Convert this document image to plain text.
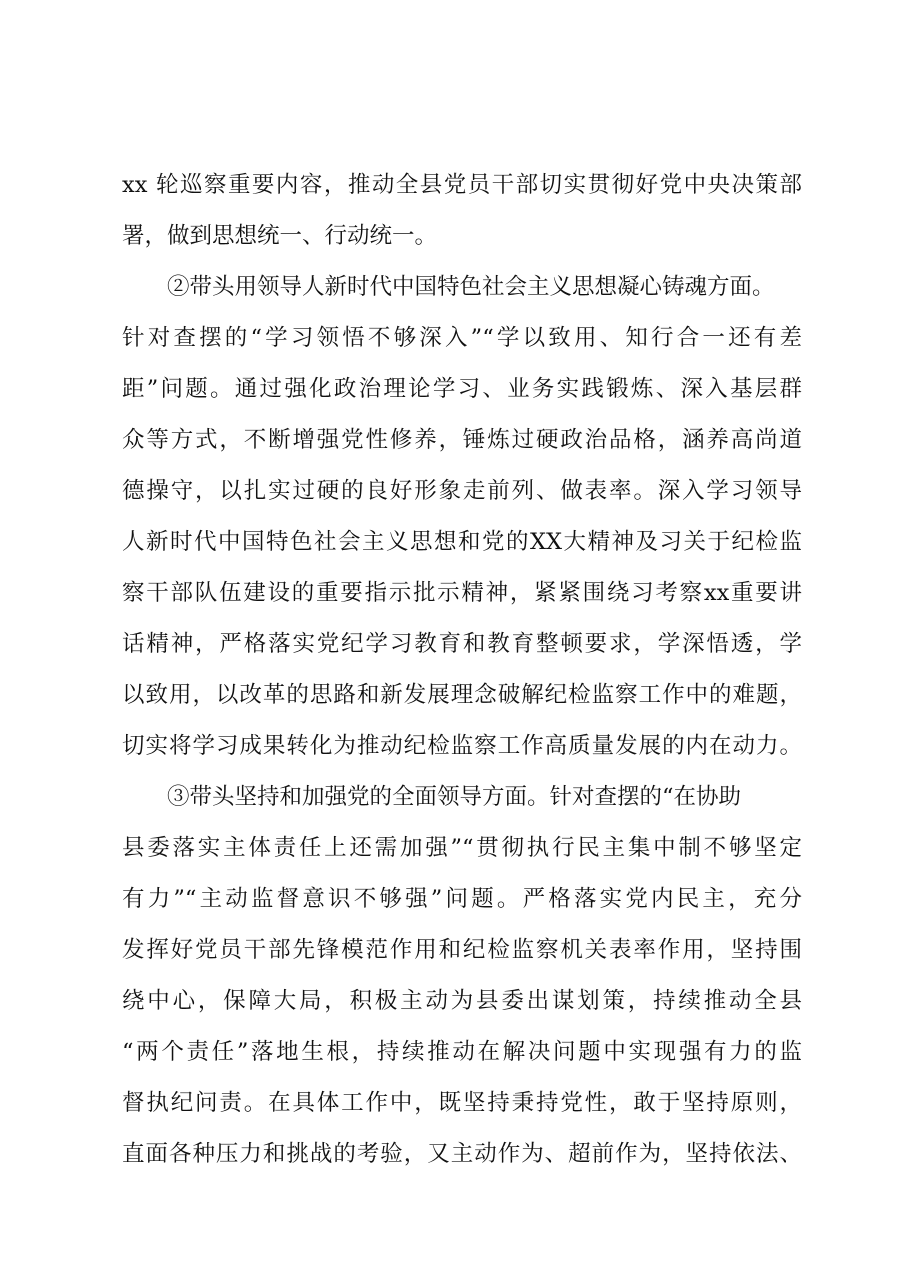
xx 轮巡察重要内容，推动全县党员干部切实贯彻好党中央决策部
署，做到思想统一、行动统一。
②带头用领导人新时代中国特色社会主义思想凝心铸魂方面。
针对查摆的“学习领悟不够深入”“学以致用、知行合一还有差
距”问题。通过强化政治理论学习、业务实践锻炼、深入基层群
众等方式，不断增强党性修养，锤炼过硬政治品格，涵养高尚道
德操守，以扎实过硬的良好形象走前列、做表率。深入学习领导
人新时代中国特色社会主义思想和党的XX大精神及习关于纪检监
察干部队伍建设的重要指示批示精神，紧紧围绕习考察xx重要讲
话精神，严格落实党纪学习教育和教育整顿要求，学深悟透，学
以致用，以改革的思路和新发展理念破解纪检监察工作中的难题，
切实将学习成果转化为推动纪检监察工作高质量发展的内在动力。
③带头坚持和加强党的全面领导方面。针对查摆的“在协助
县委落实主体责任上还需加强”“贯彻执行民主集中制不够坚定
有力”“主动监督意识不够强”问题。严格落实党内民主，充分
发挥好党员干部先锋模范作用和纪检监察机关表率作用，坚持围
绕中心，保障大局，积极主动为县委出谋划策，持续推动全县
“两个责任”落地生根，持续推动在解决问题中实现强有力的监
督执纪问责。在具体工作中，既坚持秉持党性，敢于坚持原则，
直面各种压力和挑战的考验，又主动作为、超前作为，坚持依法、
